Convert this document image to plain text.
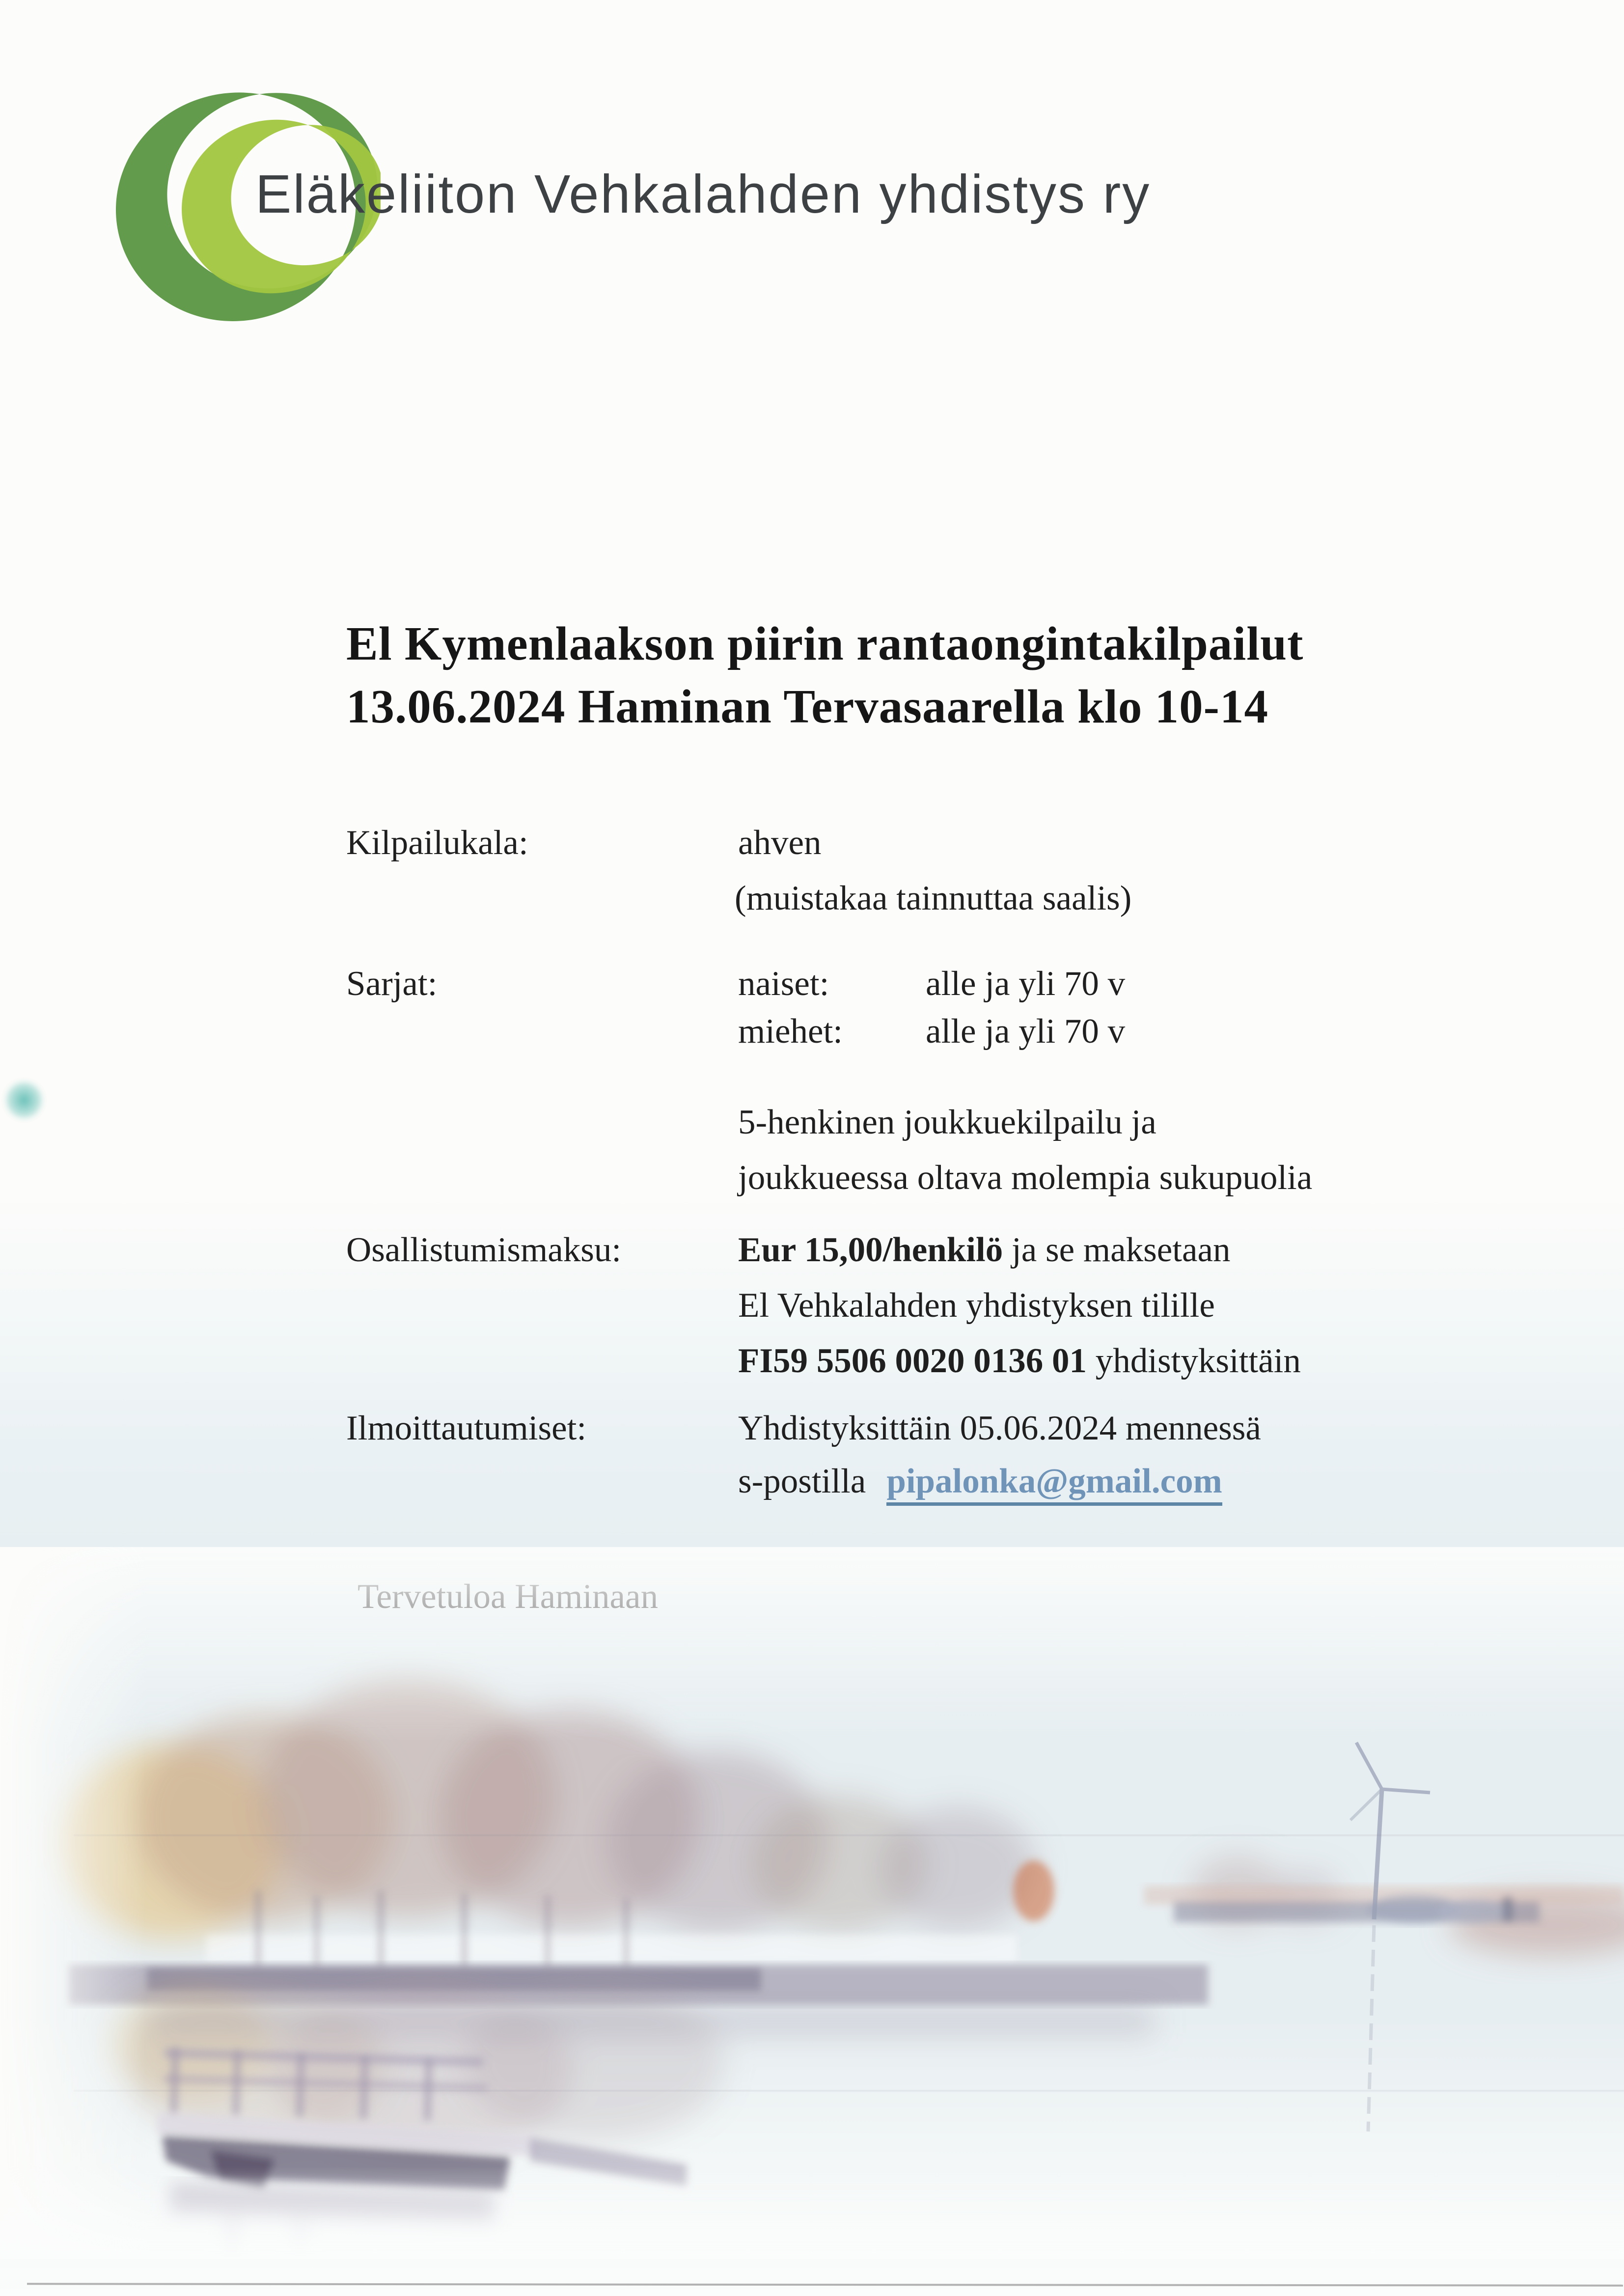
Eläkeliiton Vehkalahden yhdistys ry
El Kymenlaakson piirin rantaongintakilpailut
13.06.2024 Haminan Tervasaarella klo 10-14
Kilpailukala:	ahven
(muistakaa tainnuttaa saalis)
Sarjat:	naiset:	alle ja yli 70 v
miehet: alle ja yli 70 v
5-henkinen joukkuekilpailu ja
joukkueessa oltava molempia sukupuolia
Osallistumismaksu:	Eur 15,00/henkilö ja se maksetaan
El Vehkalahden yhdistyksen tilille
FI59 5506 0020 0136 01 yhdistyksittäin
Ilmoittautumiset:	Yhdistyksittäin 05.06.2024 mennessä
s-postilla pipalonka@gmail.com
